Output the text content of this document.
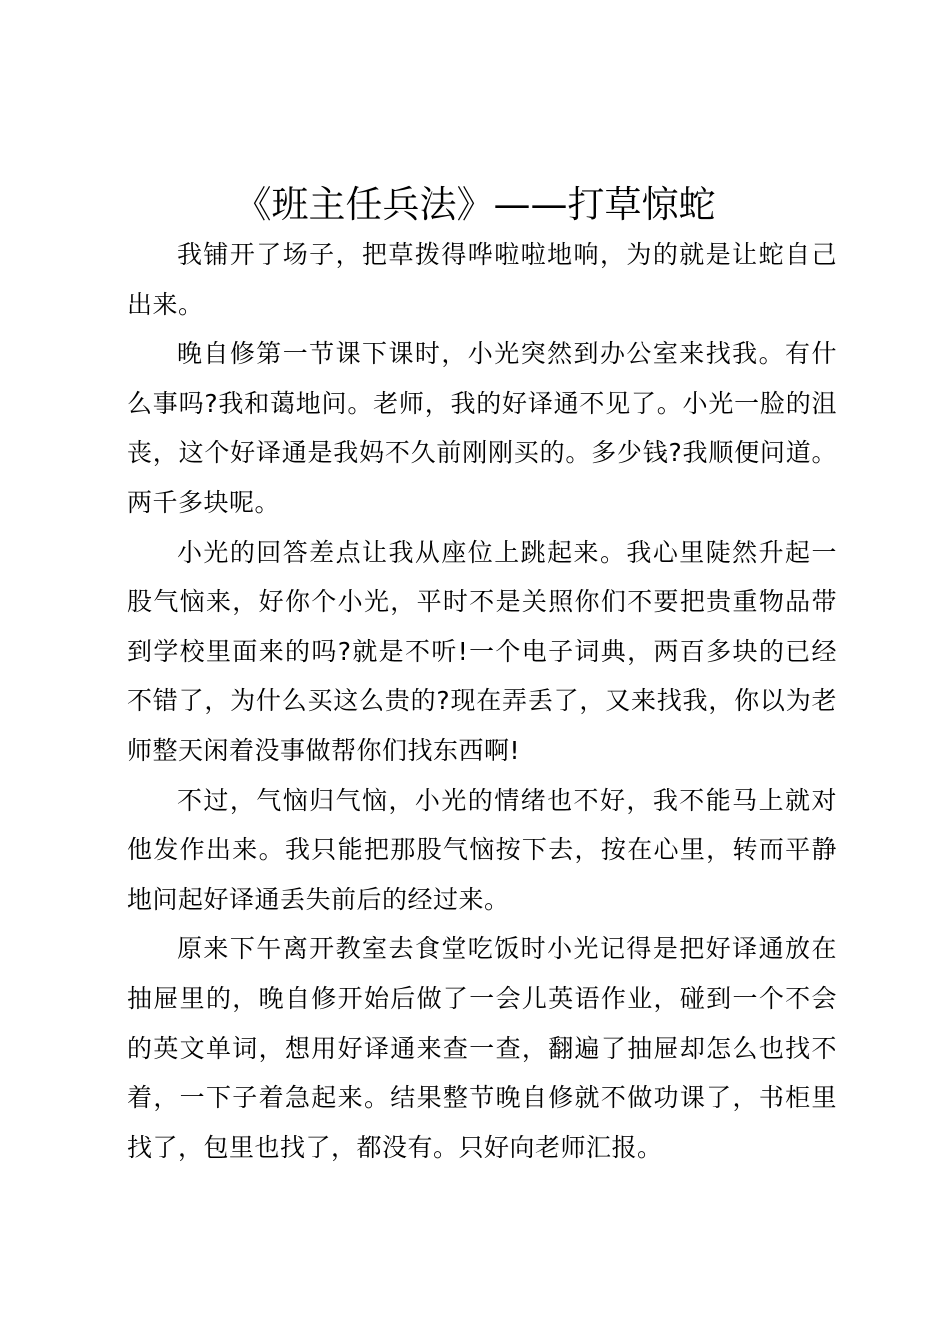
《班主任兵法》——打草惊蛇

我铺开了场子，把草拨得哗啦啦地响，为的就是让蛇自己出来。

晚自修第一节课下课时，小光突然到办公室来找我。有什么事吗?我和蔼地问。老师，我的好译通不见了。小光一脸的沮丧，这个好译通是我妈不久前刚刚买的。多少钱?我顺便问道。两千多块呢。

小光的回答差点让我从座位上跳起来。我心里陡然升起一股气恼来，好你个小光，平时不是关照你们不要把贵重物品带到学校里面来的吗?就是不听!一个电子词典，两百多块的已经不错了，为什么买这么贵的?现在弄丢了，又来找我，你以为老师整天闲着没事做帮你们找东西啊!

不过，气恼归气恼，小光的情绪也不好，我不能马上就对他发作出来。我只能把那股气恼按下去，按在心里，转而平静地问起好译通丢失前后的经过来。

原来下午离开教室去食堂吃饭时小光记得是把好译通放在抽屉里的，晚自修开始后做了一会儿英语作业，碰到一个不会的英文单词，想用好译通来查一查，翻遍了抽屉却怎么也找不着，一下子着急起来。结果整节晚自修就不做功课了，书柜里找了，包里也找了，都没有。只好向老师汇报。
